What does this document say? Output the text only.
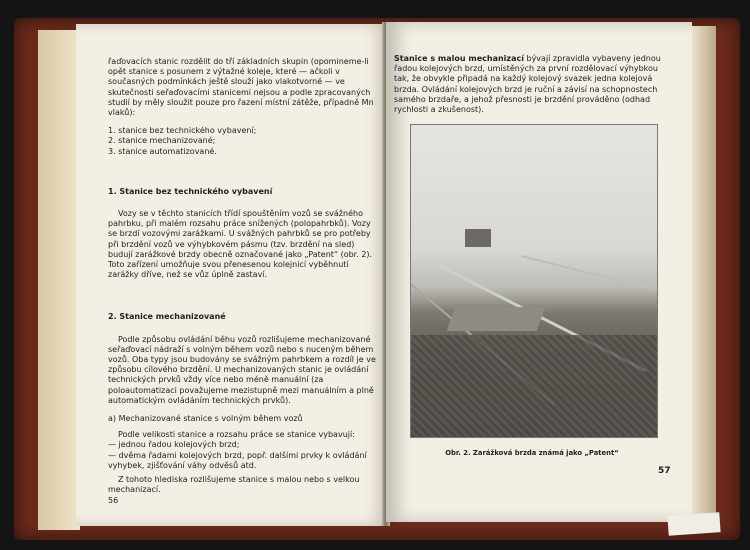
řaďovacích stanic rozdělit do tří základních skupin (opomineme-li opět stanice s posunem z výtažné koleje, které — ačkoli v současných podmínkách ještě slouží jako vlakotvorné — ve skutečnosti seřaďovacími stanicemi nejsou a podle zpracovaných studií by měly sloužit pouze pro řazení místní zátěže, případně Mn vlaků):

1. stanice bez technického vybavení;
2. stanice mechanizované;
3. stanice automatizované.

1. Stanice bez technického vybavení

Vozy se v těchto stanicích třídí spouštěním vozů se svážného pahrbku, při malém rozsahu práce snížených (polopahrbků). Vozy se brzdí vozovými zarážkami. U svážných pahrbků se pro potřeby při brzdění vozů ve výhybkovém pásmu (tzv. brzdění na sled) budují zarážkové brzdy obecně označované jako „Patent“ (obr. 2). Toto zařízení umožňuje svou přenesenou kolejnicí vyběhnutí zarážky dříve, než se vůz úplně zastaví.

2. Stanice mechanizované

Podle způsobu ovládání běhu vozů rozlišujeme mechanizované seřaďovací nádraží s volným během vozů nebo s nuceným během vozů. Oba typy jsou budovány se svážným pahrbkem a rozdíl je ve způsobu cílového brzdění. U mechanizovaných stanic je ovládání technických prvků vždy více nebo méně manuální (za poloautomatizaci považujeme mezistupně mezi manuálním a plně automatickým ovládáním technických prvků).

a) Mechanizované stanice s volným během vozů

Podle velikosti stanice a rozsahu práce se stanice vybavují:

— jednou řadou kolejových brzd;

— dvěma řadami kolejových brzd, popř. dalšími prvky k ovládání vyhybek, zjišťování váhy odvěsů atd.

Z tohoto hlediska rozlišujeme stanice s malou nebo s velkou mechanizací.

56

Stanice s malou mechanizací bývají zpravidla vybaveny jednou řadou kolejových brzd, umístěných za první rozdělovací výhybkou tak, že obvykle připadá na každý kolejový svazek jedna kolejová brzda. Ovládání kolejových brzd je ruční a závisí na schopnostech samého brzdaře, a jehož přesnosti je brzdění prováděno (odhad rychlosti a zkušenost).

Obr. 2. Zarážková brzda známá jako „Patent“
57
